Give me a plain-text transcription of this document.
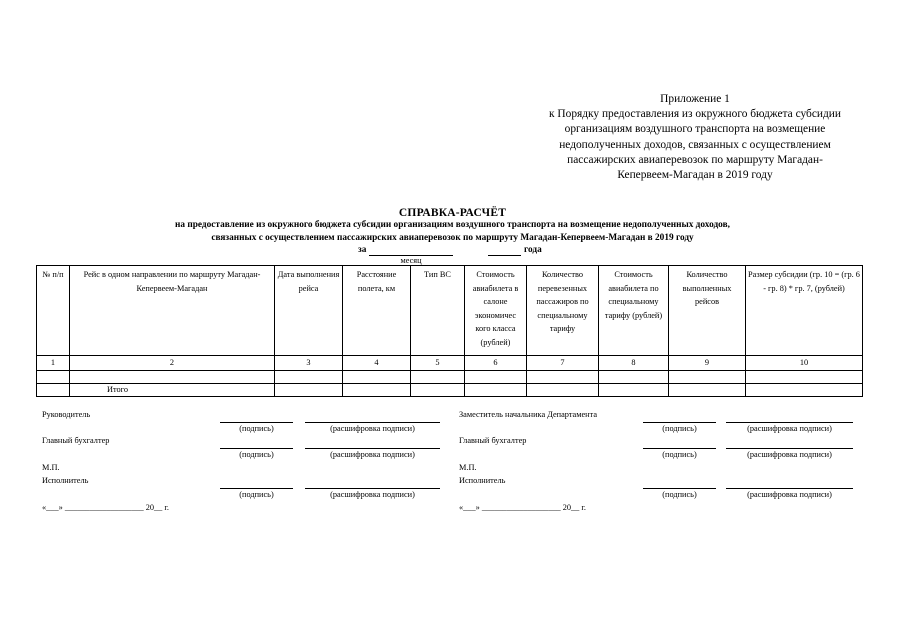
Приложение 1
к Порядку предоставления из окружного бюджета субсидии
организациям воздушного транспорта на возмещение
недополученных доходов, связанных с осуществлением
пассажирских авиаперевозок по маршруту Магадан-
Кепервеем-Магадан в 2019 году
СПРАВКА-РАСЧЁТ
на предоставление из окружного бюджета субсидии организациям воздушного транспорта на возмещение недополученных доходов,
связанных с осуществлением пассажирских авиаперевозок по маршруту Магадан-Кепервеем-Магадан в 2019 году
за	года
месяц
№ п/п	Рейс в одном направлении по маршруту Магадан-Кепервеем-Магадан	Дата выполнения рейса	Расстояние полета, км	Тип ВС	Стоимость авиабилета в салоне экономичес кого класса (рублей)	Количество перевезенных пассажиров по специальному тарифу	Стоимость авиабилета по специальному тарифу (рублей)	Количество выполненных рейсов	Размер субсидии (гр. 10 = (гр. 6 - гр. 8) * гр. 7, (рублей)
1	2	3	4	5	6	7	8	9	10

	Итого								
Руководитель
(подпись)	(расшифровка подписи)
Главный бухгалтер
(подпись)	(расшифровка подписи)
М.П.
Исполнитель
(подпись)	(расшифровка подписи)
«___» ___________________ 20__ г.
Заместитель начальника Департамента
(подпись)	(расшифровка подписи)
Главный бухгалтер
(подпись)	(расшифровка подписи)
М.П.
Исполнитель
(подпись)	(расшифровка подписи)
«___» ___________________ 20__ г.
